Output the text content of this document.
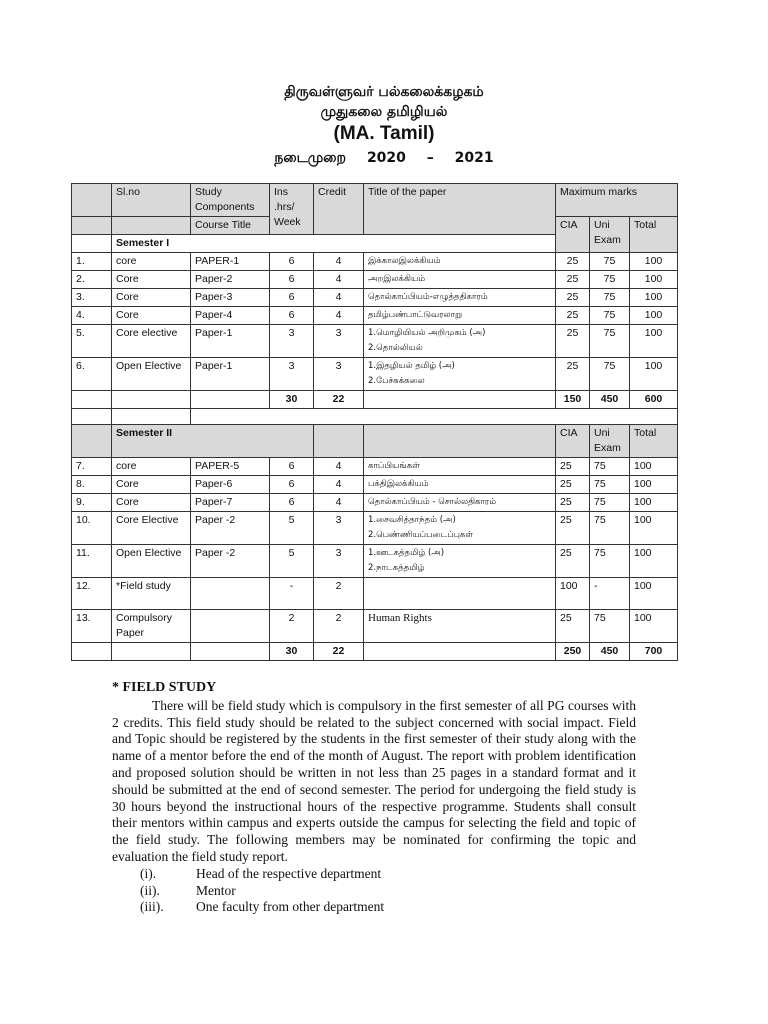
திருவள்ளுவர் பல்கலைக்கழகம்
முதுகலை தமிழியல்
(MA. Tamil)
நடைமுறை 2020 – 2021
	Sl.no	Study Components	Ins .hrs/ Week	Credit	Title of the paper	Maximum marks		

		Course Title				CIA	Uni Exam	Total
	Semester I							
1.	core	PAPER-1	6	4	இக்காலஇலக்கியம்	25	75	100
2.	Core	Paper-2	6	4	அறஇலக்கியம்	25	75	100
3.	Core	Paper-3	6	4	தொல்காப்பியம்-எழுத்ததிகாரம்	25	75	100
4.	Core	Paper-4	6	4	தமிழ்பண்பாட்டுவரலாறு	25	75	100
5.	Core elective	Paper-1	3	3	1.மொழியியல் அறிமுகம் (அ)
2.தொல்லியல்	25	75	100
6.	Open Elective	Paper-1	3	3	1.இதழியல் தமிழ் (அ)
2.பேச்சுக்கலை	25	75	100
			30	22		150	450	600

	Semester II					CIA	Uni Exam	Total
7.	core	PAPER-5	6	4	காப்பியங்கள்	25	75	100
8.	Core	Paper-6	6	4	பக்திஇலக்கியம்	25	75	100
9.	Core	Paper-7	6	4	தொல்காப்பியம் - சொல்லதிகாரம்	25	75	100
10.	Core Elective	Paper -2	5	3	1.சைவசித்தாந்தம் (அ)
2.பெண்ணியப்படைப்புகள்	25	75	100
11.	Open Elective	Paper -2	5	3	1.ஊடகத்தமிழ் (அ)
2.நாடகத்தமிழ்	25	75	100
12.	*Field study		-	2		100	-	100
13.	Compulsory Paper		2	2	Human Rights	25	75	100
			30	22		250	450	700
* FIELD STUDY

There will be field study which is compulsory in the first semester of all PG courses with 2 credits. This field study should be related to the subject concerned with social impact. Field and Topic should be registered by the students in the first semester of their study along with the name of a mentor before the end of the month of August. The report with problem identification and proposed solution should be written in not less than 25 pages in a standard format and it should be submitted at the end of second semester. The period for undergoing the field study is 30 hours beyond the instructional hours of the respective programme. Students shall consult their mentors within campus and experts outside the campus for selecting the field and topic of the field study. The following members may be nominated for confirming the topic and evaluation the field study report.

(i).	Head of the respective department
(ii).	Mentor
(iii).	One faculty from other department
